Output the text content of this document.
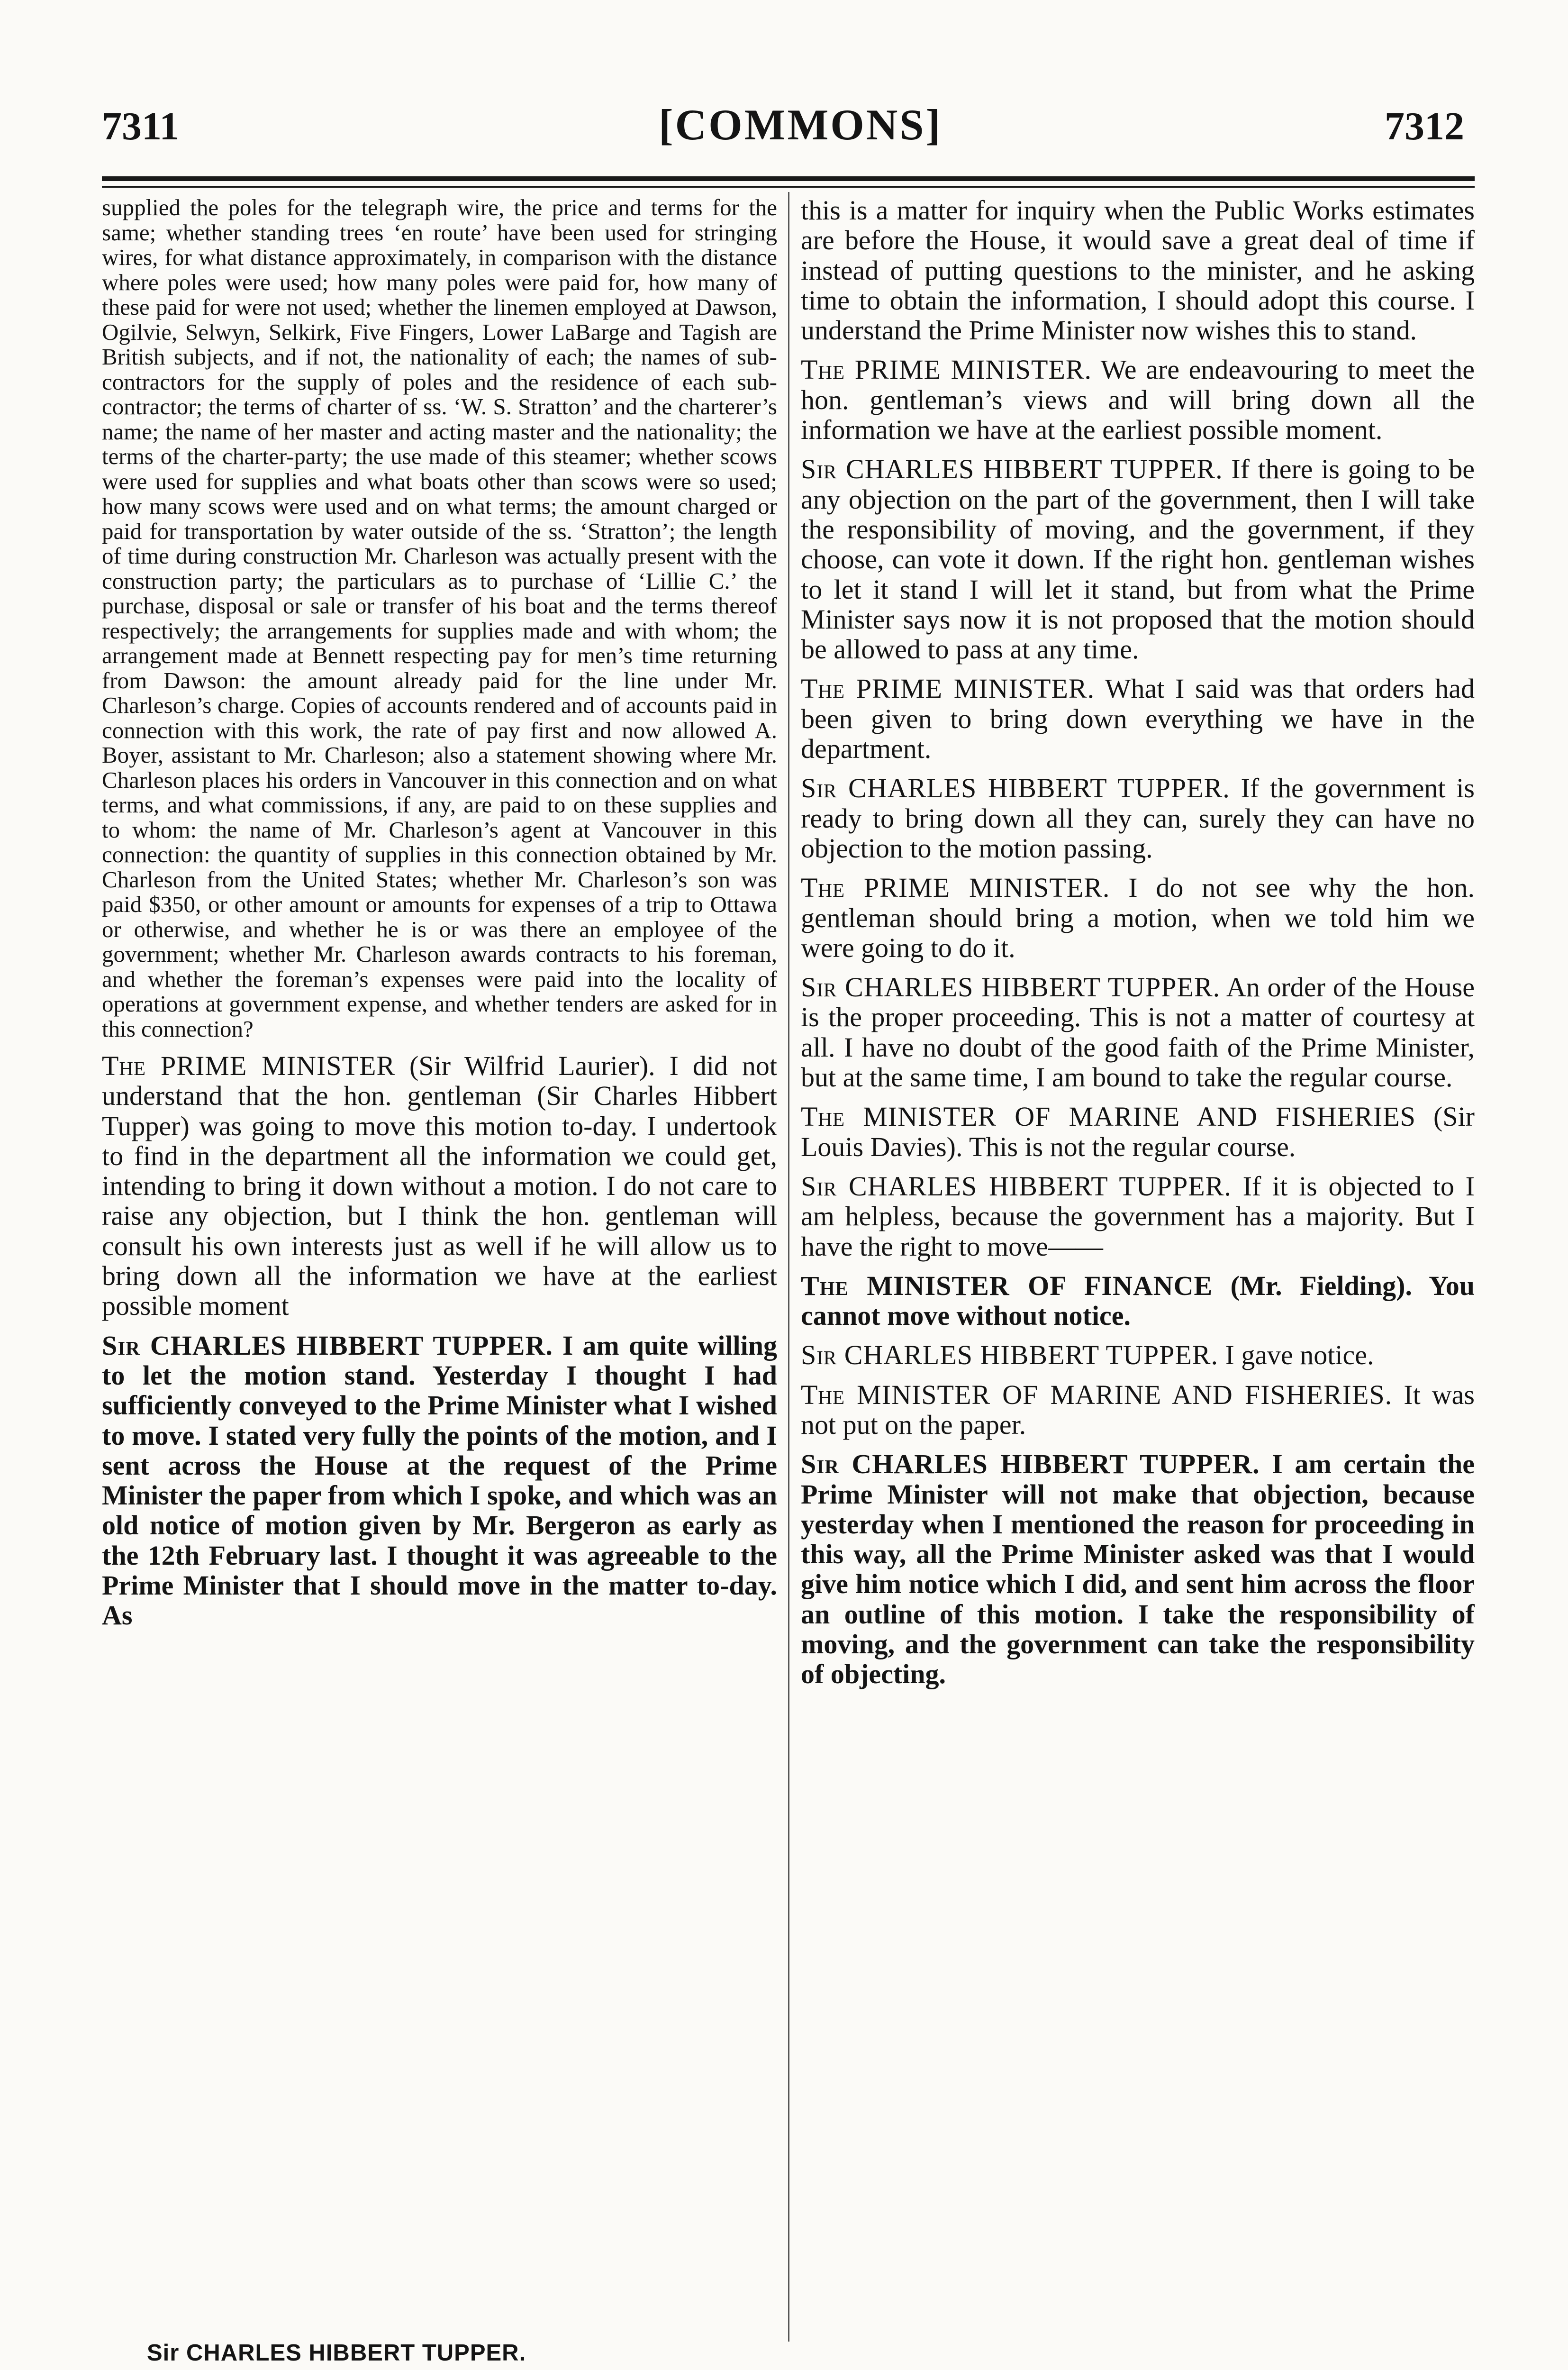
7311	[COMMONS]	7312

supplied the poles for the telegraph wire, the price and terms for the same; whether standing trees ‘en route’ have been used for stringing wires, for what distance approximately, in comparison with the distance where poles were used; how many poles were paid for, how many of these paid for were not used; whether the linemen employed at Dawson, Ogilvie, Selwyn, Selkirk, Five Fingers, Lower LaBarge and Tagish are British subjects, and if not, the nationality of each; the names of sub-contractors for the supply of poles and the residence of each sub-contractor; the terms of charter of ss. ‘W. S. Stratton’ and the charterer’s name; the name of her master and acting master and the nationality; the terms of the charter-party; the use made of this steamer; whether scows were used for supplies and what boats other than scows were so used; how many scows were used and on what terms; the amount charged or paid for transportation by water outside of the ss. ‘Stratton’; the length of time during construction Mr. Charleson was actually present with the construction party; the particulars as to purchase of ‘Lillie C.’ the purchase, disposal or sale or transfer of his boat and the terms thereof respectively; the arrangements for supplies made and with whom; the arrangement made at Bennett respecting pay for men’s time returning from Dawson: the amount already paid for the line under Mr. Charleson’s charge. Copies of accounts rendered and of accounts paid in connection with this work, the rate of pay first and now allowed A. Boyer, assistant to Mr. Charleson; also a statement showing where Mr. Charleson places his orders in Vancouver in this connection and on what terms, and what commissions, if any, are paid to on these supplies and to whom: the name of Mr. Charleson’s agent at Vancouver in this connection: the quantity of supplies in this connection obtained by Mr. Charleson from the United States; whether Mr. Charleson’s son was paid $350, or other amount or amounts for expenses of a trip to Ottawa or otherwise, and whether he is or was there an employee of the government; whether Mr. Charleson awards contracts to his foreman, and whether the foreman’s expenses were paid into the locality of operations at government expense, and whether tenders are asked for in this connection?

The PRIME MINISTER (Sir Wilfrid Laurier). I did not understand that the hon. gentleman (Sir Charles Hibbert Tupper) was going to move this motion to-day. I undertook to find in the department all the information we could get, intending to bring it down without a motion. I do not care to raise any objection, but I think the hon. gentleman will consult his own interests just as well if he will allow us to bring down all the information we have at the earliest possible moment

Sir CHARLES HIBBERT TUPPER. I am quite willing to let the motion stand. Yesterday I thought I had sufficiently conveyed to the Prime Minister what I wished to move. I stated very fully the points of the motion, and I sent across the House at the request of the Prime Minister the paper from which I spoke, and which was an old notice of motion given by Mr. Bergeron as early as the 12th February last. I thought it was agreeable to the Prime Minister that I should move in the matter to-day. As

Sir CHARLES HIBBERT TUPPER.

this is a matter for inquiry when the Public Works estimates are before the House, it would save a great deal of time if instead of putting questions to the minister, and he asking time to obtain the information, I should adopt this course. I understand the Prime Minister now wishes this to stand.

The PRIME MINISTER. We are endeavouring to meet the hon. gentleman’s views and will bring down all the information we have at the earliest possible moment.

Sir CHARLES HIBBERT TUPPER. If there is going to be any objection on the part of the government, then I will take the responsibility of moving, and the government, if they choose, can vote it down. If the right hon. gentleman wishes to let it stand I will let it stand, but from what the Prime Minister says now it is not proposed that the motion should be allowed to pass at any time.

The PRIME MINISTER. What I said was that orders had been given to bring down everything we have in the department.

Sir CHARLES HIBBERT TUPPER. If the government is ready to bring down all they can, surely they can have no objection to the motion passing.

The PRIME MINISTER. I do not see why the hon. gentleman should bring a motion, when we told him we were going to do it.

Sir CHARLES HIBBERT TUPPER. An order of the House is the proper proceeding. This is not a matter of courtesy at all. I have no doubt of the good faith of the Prime Minister, but at the same time, I am bound to take the regular course.

The MINISTER OF MARINE AND FISHERIES (Sir Louis Davies). This is not the regular course.

Sir CHARLES HIBBERT TUPPER. If it is objected to I am helpless, because the government has a majority. But I have the right to move——

The MINISTER OF FINANCE (Mr. Fielding). You cannot move without notice.

Sir CHARLES HIBBERT TUPPER. I gave notice.

The MINISTER OF MARINE AND FISHERIES. It was not put on the paper.

Sir CHARLES HIBBERT TUPPER. I am certain the Prime Minister will not make that objection, because yesterday when I mentioned the reason for proceeding in this way, all the Prime Minister asked was that I would give him notice which I did, and sent him across the floor an outline of this motion. I take the responsibility of moving, and the government can take the responsibility of objecting.
